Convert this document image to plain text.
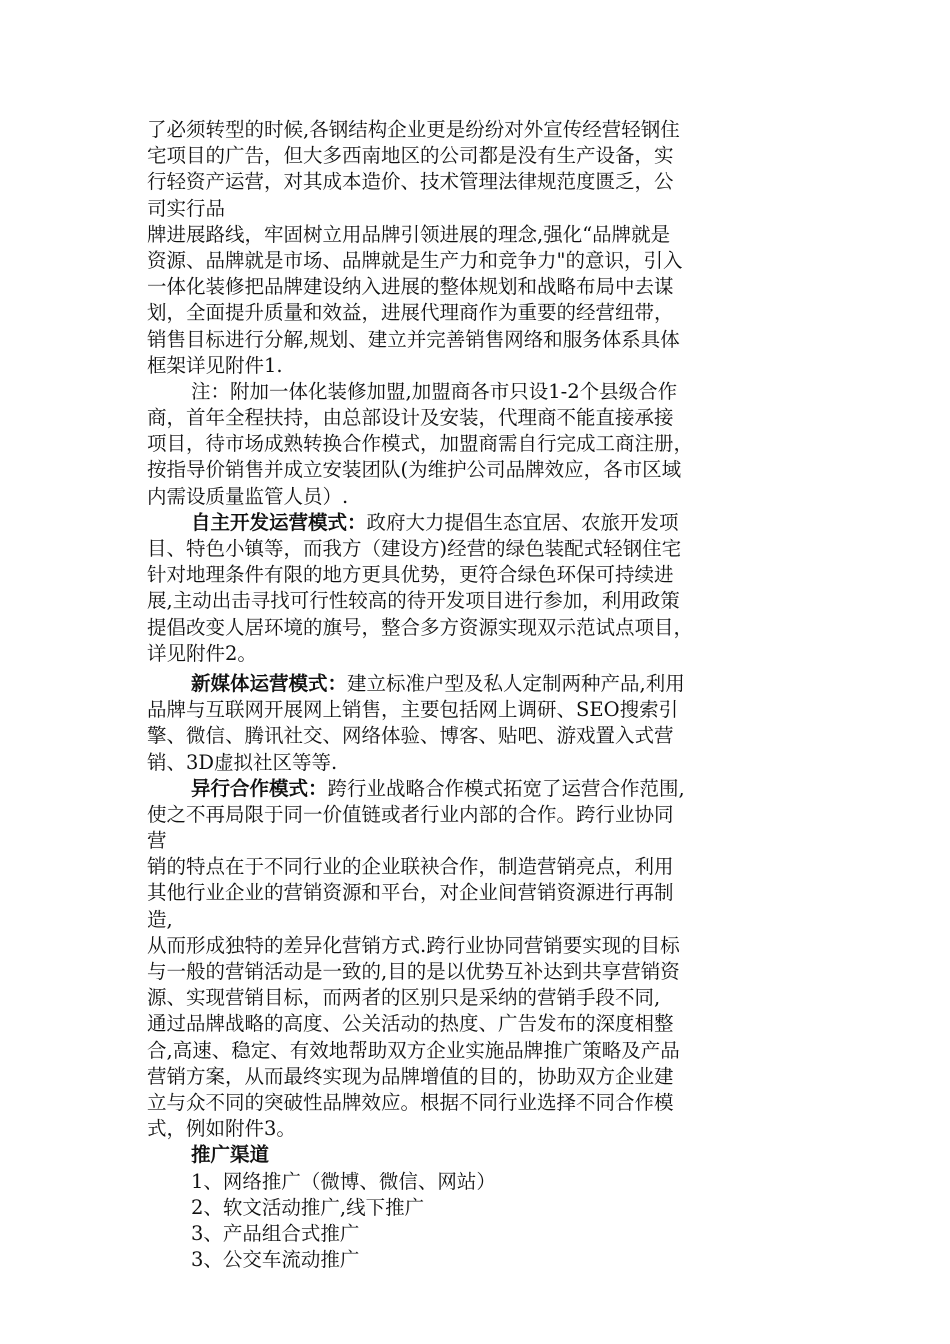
了必须转型的时候,各钢结构企业更是纷纷对外宣传经营轻钢住
宅项目的广告，但大多西南地区的公司都是没有生产设备，实
行轻资产运营，对其成本造价、技术管理法律规范度匮乏，公
司实行品
牌进展路线，牢固树立用品牌引领进展的理念,强化“品牌就是
资源、品牌就是市场、品牌就是生产力和竞争力"的意识，引入
一体化装修把品牌建设纳入进展的整体规划和战略布局中去谋
划，全面提升质量和效益，进展代理商作为重要的经营纽带，
销售目标进行分解,规划、建立并完善销售网络和服务体系具体
框架详见附件1.
注：附加一体化装修加盟,加盟商各市只设1-2个县级合作
商，首年全程扶持，由总部设计及安装，代理商不能直接承接
项目，待市场成熟转换合作模式，加盟商需自行完成工商注册，
按指导价销售并成立安装团队(为维护公司品牌效应，各市区域
内需设质量监管人员）.
自主开发运营模式：政府大力提倡生态宜居、农旅开发项
目、特色小镇等，而我方（建设方)经营的绿色装配式轻钢住宅
针对地理条件有限的地方更具优势，更符合绿色环保可持续进
展,主动出击寻找可行性较高的待开发项目进行参加，利用政策
提倡改变人居环境的旗号，整合多方资源实现双示范试点项目，
详见附件2。
新媒体运营模式：建立标准户型及私人定制两种产品,利用
品牌与互联网开展网上销售，主要包括网上调研、SEO搜索引
擎、微信、腾讯社交、网络体验、博客、贴吧、游戏置入式营
销、3D虚拟社区等等.
异行合作模式：跨行业战略合作模式拓宽了运营合作范围,
使之不再局限于同一价值链或者行业内部的合作。跨行业协同
营
销的特点在于不同行业的企业联袂合作，制造营销亮点，利用
其他行业企业的营销资源和平台，对企业间营销资源进行再制
造,
从而形成独特的差异化营销方式.跨行业协同营销要实现的目标
与一般的营销活动是一致的,目的是以优势互补达到共享营销资
源、实现营销目标，而两者的区别只是采纳的营销手段不同,
通过品牌战略的高度、公关活动的热度、广告发布的深度相整
合,高速、稳定、有效地帮助双方企业实施品牌推广策略及产品
营销方案，从而最终实现为品牌增值的目的，协助双方企业建
立与众不同的突破性品牌效应。根据不同行业选择不同合作模
式，例如附件3。
推广渠道
1、网络推广（微博、微信、网站）
2、软文活动推广,线下推广
3、产品组合式推广
3、公交车流动推广
